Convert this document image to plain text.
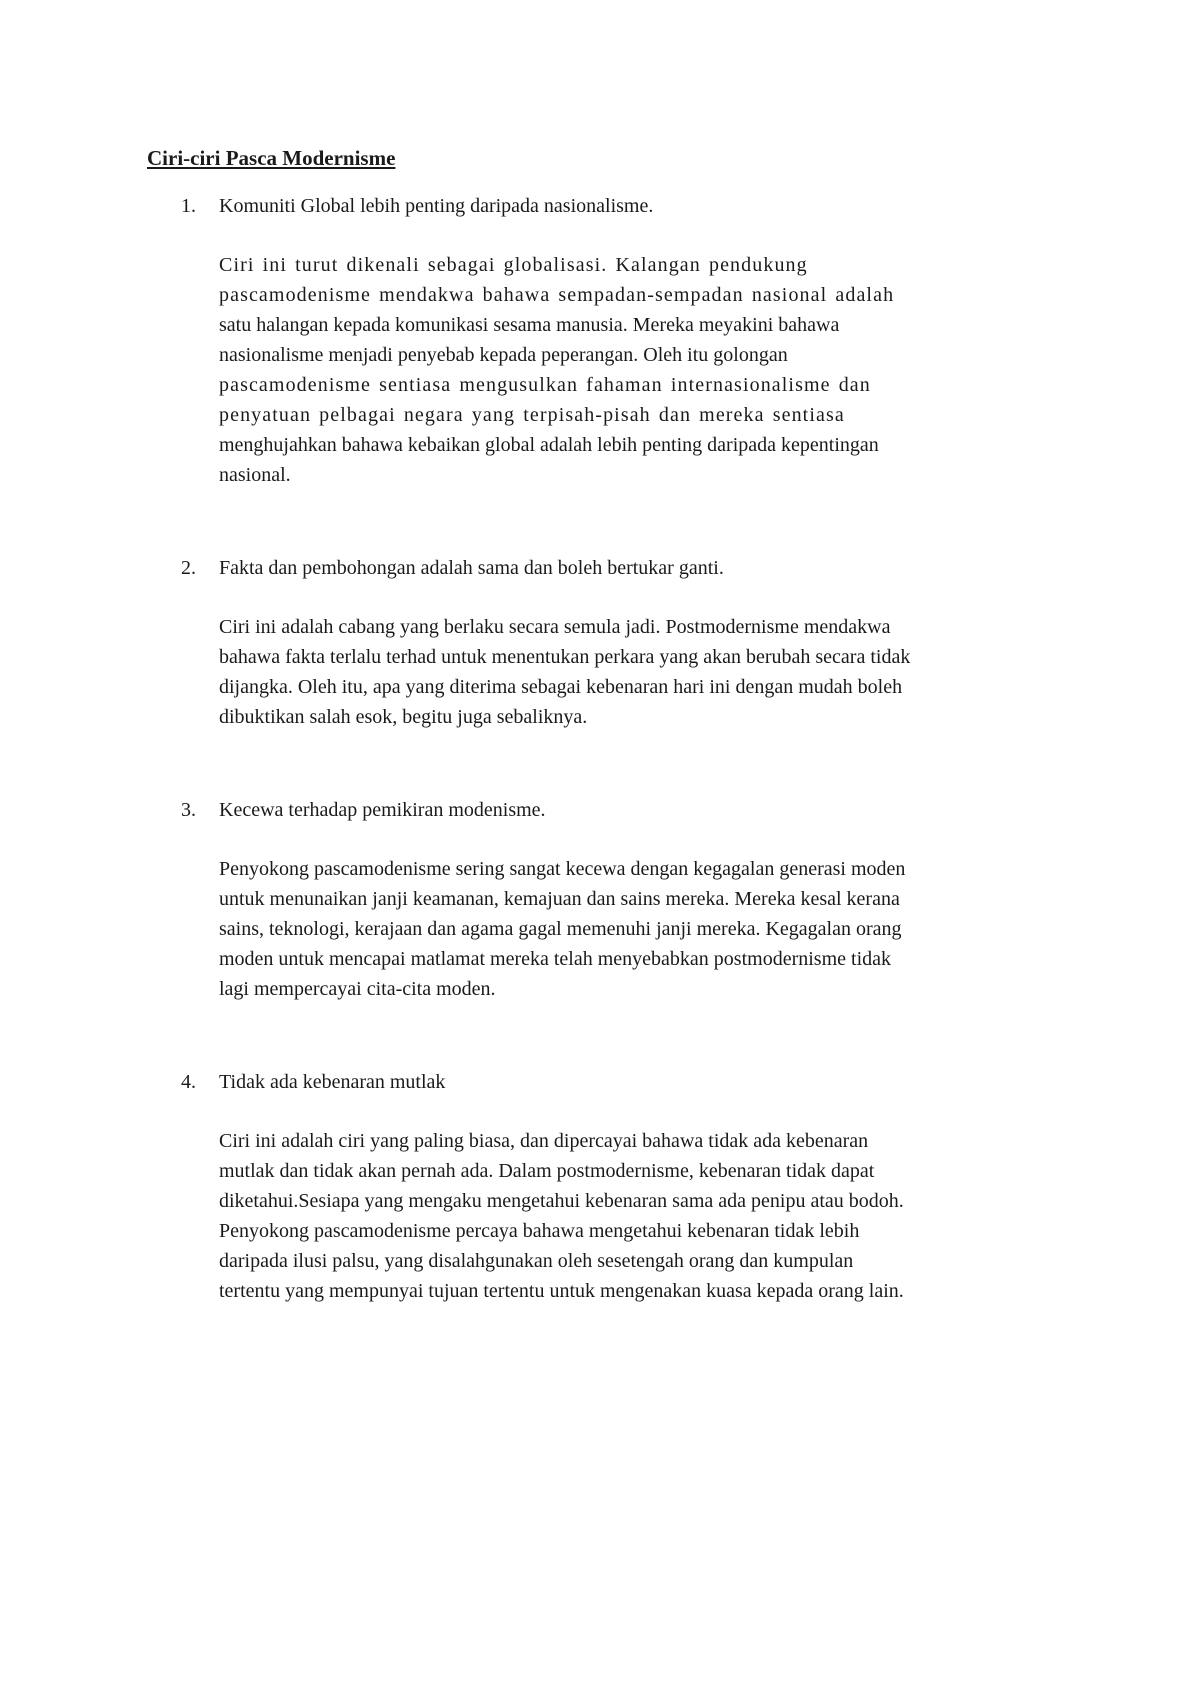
Ciri-ciri Pasca Modernisme
1. Komuniti Global lebih penting daripada nasionalisme.

Ciri ini turut dikenali sebagai globalisasi. Kalangan pendukung
pascamodenisme mendakwa bahawa sempadan-sempadan nasional adalah
satu halangan kepada komunikasi sesama manusia. Mereka meyakini bahawa
nasionalisme menjadi penyebab kepada peperangan. Oleh itu golongan
pascamodenisme sentiasa mengusulkan fahaman internasionalisme dan
penyatuan pelbagai negara yang terpisah-pisah dan mereka sentiasa
menghujahkan bahawa kebaikan global adalah lebih penting daripada kepentingan
nasional.

2. Fakta dan pembohongan adalah sama dan boleh bertukar ganti.

Ciri ini adalah cabang yang berlaku secara semula jadi. Postmodernisme mendakwa
bahawa fakta terlalu terhad untuk menentukan perkara yang akan berubah secara tidak
dijangka. Oleh itu, apa yang diterima sebagai kebenaran hari ini dengan mudah boleh
dibuktikan salah esok, begitu juga sebaliknya.

3. Kecewa terhadap pemikiran modenisme.

Penyokong pascamodenisme sering sangat kecewa dengan kegagalan generasi moden
untuk menunaikan janji keamanan, kemajuan dan sains mereka. Mereka kesal kerana
sains, teknologi, kerajaan dan agama gagal memenuhi janji mereka. Kegagalan orang
moden untuk mencapai matlamat mereka telah menyebabkan postmodernisme tidak
lagi mempercayai cita-cita moden.

4. Tidak ada kebenaran mutlak

Ciri ini adalah ciri yang paling biasa, dan dipercayai bahawa tidak ada kebenaran
mutlak dan tidak akan pernah ada. Dalam postmodernisme, kebenaran tidak dapat
diketahui.Sesiapa yang mengaku mengetahui kebenaran sama ada penipu atau bodoh.
Penyokong pascamodenisme percaya bahawa mengetahui kebenaran tidak lebih
daripada ilusi palsu, yang disalahgunakan oleh sesetengah orang dan kumpulan
tertentu yang mempunyai tujuan tertentu untuk mengenakan kuasa kepada orang lain.
